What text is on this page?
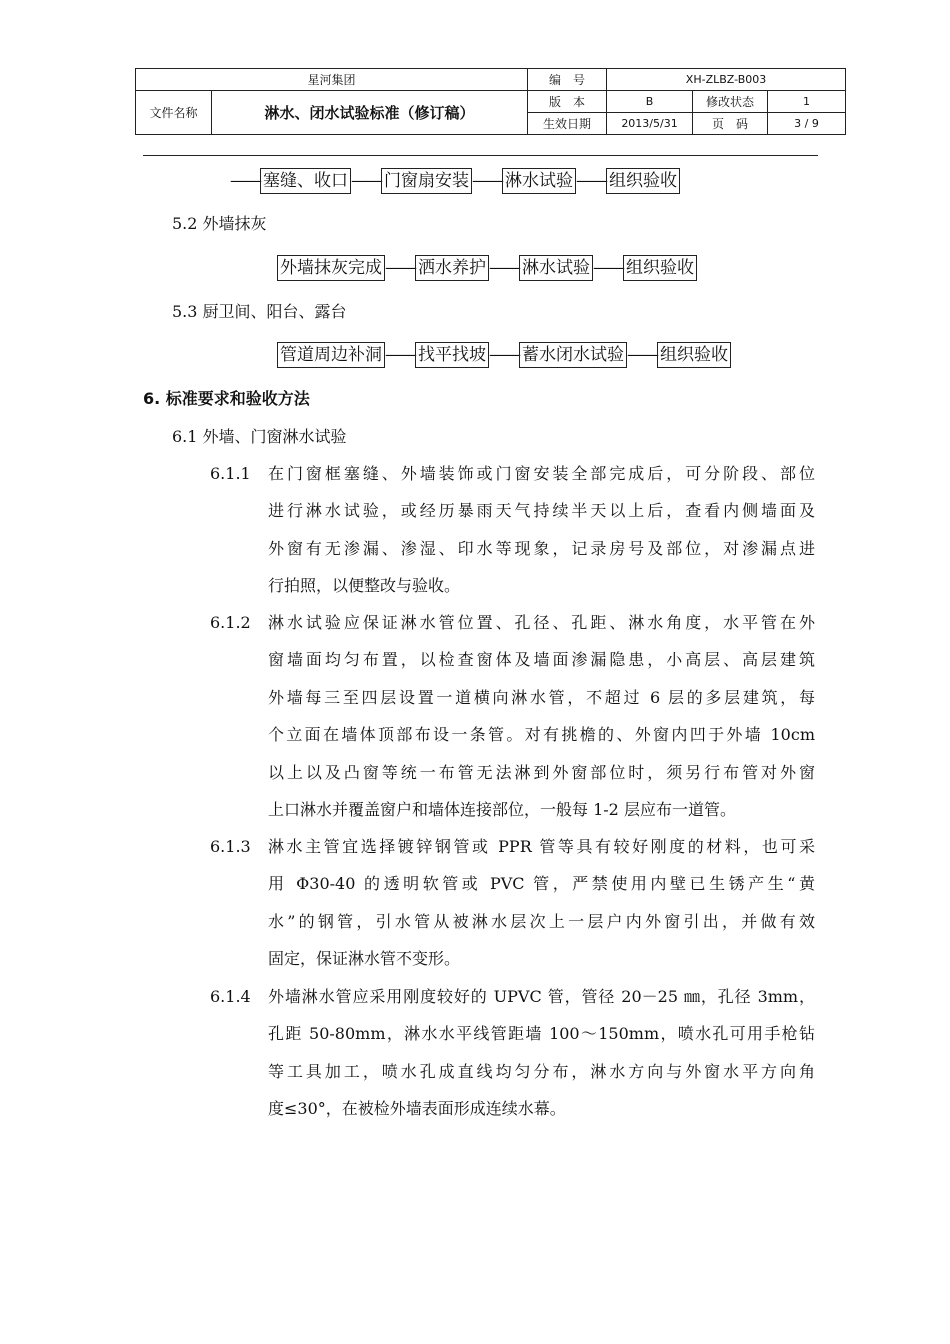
星河集团		编　号	XH-ZLBZ-B003		
文件名称	淋水、闭水试验标准（修订稿）	版　本	B	修改状态	1
		生效日期	2013/5/31	页　码	3 / 9
—— 塞缝、收口 —— 门窗扇安装 —— 淋水试验 —— 组织验收
5.2 外墙抹灰
外墙抹灰完成 —— 洒水养护 —— 淋水试验 —— 组织验收
5.3 厨卫间、阳台、露台
管道周边补洞 —— 找平找坡 —— 蓄水闭水试验 —— 组织验收
6. 标准要求和验收方法
6.1 外墙、门窗淋水试验
6.1.1	在门窗框塞缝、外墙装饰或门窗安装全部完成后，可分阶段、部位
进行淋水试验，或经历暴雨天气持续半天以上后，查看内侧墙面及
外窗有无渗漏、渗湿、印水等现象，记录房号及部位，对渗漏点进
行拍照，以便整改与验收。
6.1.2	淋水试验应保证淋水管位置、孔径、孔距、淋水角度，水平管在外
窗墙面均匀布置，以检查窗体及墙面渗漏隐患，小高层、高层建筑
外墙每三至四层设置一道横向淋水管，不超过 6 层的多层建筑，每
个立面在墙体顶部布设一条管。对有挑檐的、外窗内凹于外墙 10cm
以上以及凸窗等统一布管无法淋到外窗部位时，须另行布管对外窗
上口淋水并覆盖窗户和墙体连接部位，一般每 1-2 层应布一道管。
6.1.3	淋水主管宜选择镀锌钢管或 PPR 管等具有较好刚度的材料，也可采
用 Φ30-40 的透明软管或 PVC 管，严禁使用内壁已生锈产生“黄
水”的钢管，引水管从被淋水层次上一层户内外窗引出，并做有效
固定，保证淋水管不变形。
6.1.4	外墙淋水管应采用刚度较好的 UPVC 管，管径 20－25 ㎜，孔径 3mm，
孔距 50-80mm，淋水水平线管距墙 100～150mm，喷水孔可用手枪钻
等工具加工，喷水孔成直线均匀分布，淋水方向与外窗水平方向角
度≤30°，在被检外墙表面形成连续水幕。
